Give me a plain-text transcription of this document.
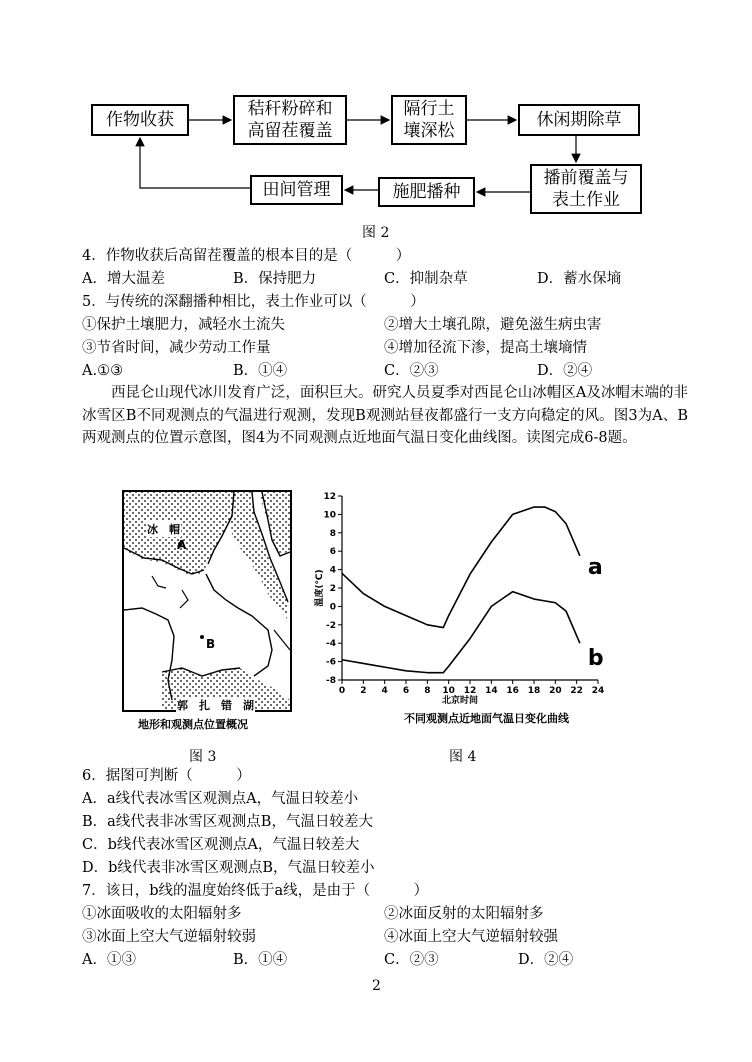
作物收获
秸秆粉碎和
高留茬覆盖
隔行土
壤深松
休闲期除草
播前覆盖与
表土作业
施肥播种
田间管理
图 2
4．作物收获后高留茬覆盖的根本目的是（　　　）
A．增大温差	B．保持肥力	C．抑制杂草	D．蓄水保墒
5．与传统的深翻播种相比，表土作业可以（　　　）
①保护土壤肥力，减轻水土流失	②增大土壤孔隙，避免滋生病虫害
③节省时间，减少劳动工作量	④增加径流下渗，提高土壤墒情
A.①③	B．①④	C．②③	D．②④
西昆仑山现代冰川发育广泛，面积巨大。研究人员夏季对西昆仑山冰帽区A及冰帽末端的非冰雪区B不同观测点的气温进行观测，发现B观测站昼夜都盛行一支方向稳定的风。图3为A、B两观测点的位置示意图，图4为不同观测点近地面气温日变化曲线图。读图完成6-8题。
冰　帽
A
B
郭　扎　错　湖
地形和观测点位置概况
图 3
12
10
8
6
4
2
0
-2
-4
-6
-8
0 2 4 6 8 10 12 14 16 18 20 22 24
北京时间
温度(℃)
a
b
不同观测点近地面气温日变化曲线
图 4
6．据图可判断（　　　）
A．a线代表冰雪区观测点A，气温日较差小
B．a线代表非冰雪区观测点B，气温日较差大
C．b线代表冰雪区观测点A，气温日较差大
D．b线代表非冰雪区观测点B，气温日较差小
7．该日，b线的温度始终低于a线，是由于（　　　）
①冰面吸收的太阳辐射多	②冰面反射的太阳辐射多
③冰面上空大气逆辐射较弱	④冰面上空大气逆辐射较强
A．①③	B．①④	C．②③	D．②④
2
